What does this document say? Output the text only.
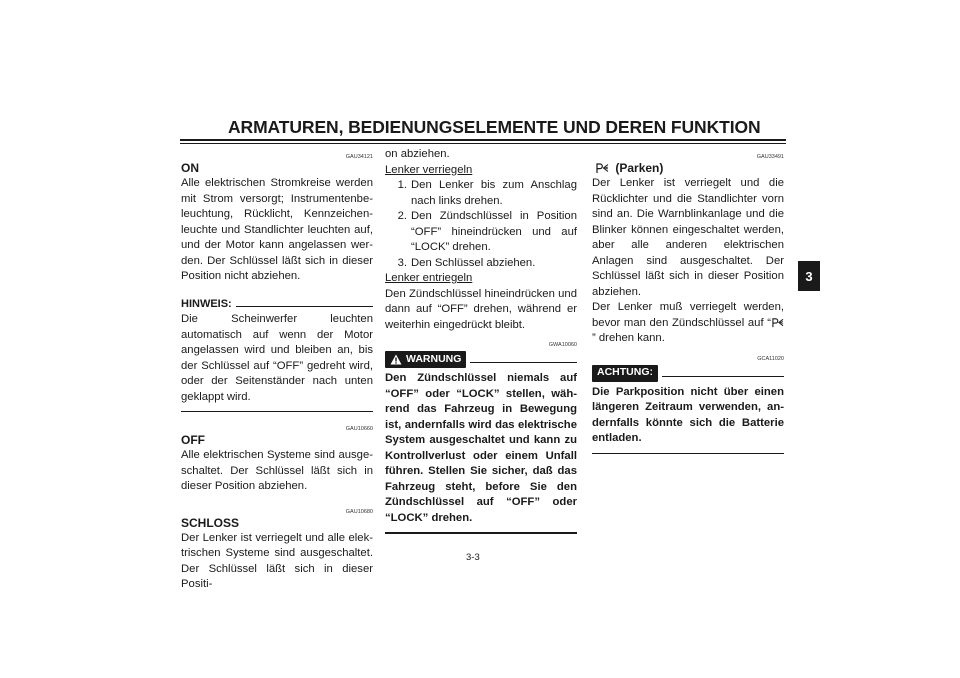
ARMATUREN, BEDIENUNGSELEMENTE UND DEREN FUNKTION
3
GAU34121
ON

Alle elektrischen Stromkreise werden mit Strom versorgt; Instrumentenbeleuchtung, Rücklicht, Kennzeichenleuchte und Standlichter leuchten auf, und der Motor kann angelassen werden. Der Schlüssel läßt sich in dieser Position nicht abziehen.

HINWEIS:

Die Scheinwerfer leuchten automatisch auf wenn der Motor angelassen wird und bleiben an, bis der Schlüssel auf “OFF” gedreht wird, oder der Seitenständer nach unten geklappt wird.

GAU10660
OFF

Alle elektrischen Systeme sind ausgeschaltet. Der Schlüssel läßt sich in dieser Position abziehen.

GAU10680
SCHLOSS

Der Lenker ist verriegelt und alle elektrischen Systeme sind ausgeschaltet. Der Schlüssel läßt sich in dieser Positi-

on abziehen.

Lenker verriegeln
1. Den Lenker bis zum Anschlag nach links drehen.
2. Den Zündschlüssel in Position “OFF” hineindrücken und auf “LOCK” drehen.
3. Den Schlüssel abziehen.
Lenker entriegeln

Den Zündschlüssel hineindrücken und dann auf “OFF” drehen, während er weiterhin eingedrückt bleibt.

GWA10060
WARNUNG

Den Zündschlüssel niemals auf “OFF” oder “LOCK” stellen, während das Fahrzeug in Bewegung ist, andernfalls wird das elektrische System ausgeschaltet und kann zu Kontrollverlust oder einem Unfall führen. Stellen Sie sicher, daß das Fahrzeug steht, before Sie den Zündschlüssel auf “OFF” oder “LOCK” drehen.

GAU33491
(Parken)

Der Lenker ist verriegelt und die Rücklichter und die Standlichter vorn sind an. Die Warnblinkanlage und die Blinker können eingeschaltet werden, aber alle anderen elektrischen Anlagen sind ausgeschaltet. Der Schlüssel läßt sich in dieser Position abziehen.

Der Lenker muß verriegelt werden, bevor man den Zündschlüssel auf “” drehen kann.

GCA11020
ACHTUNG:

Die Parkposition nicht über einen längeren Zeitraum verwenden, andernfalls könnte sich die Batterie entladen.

3-3
